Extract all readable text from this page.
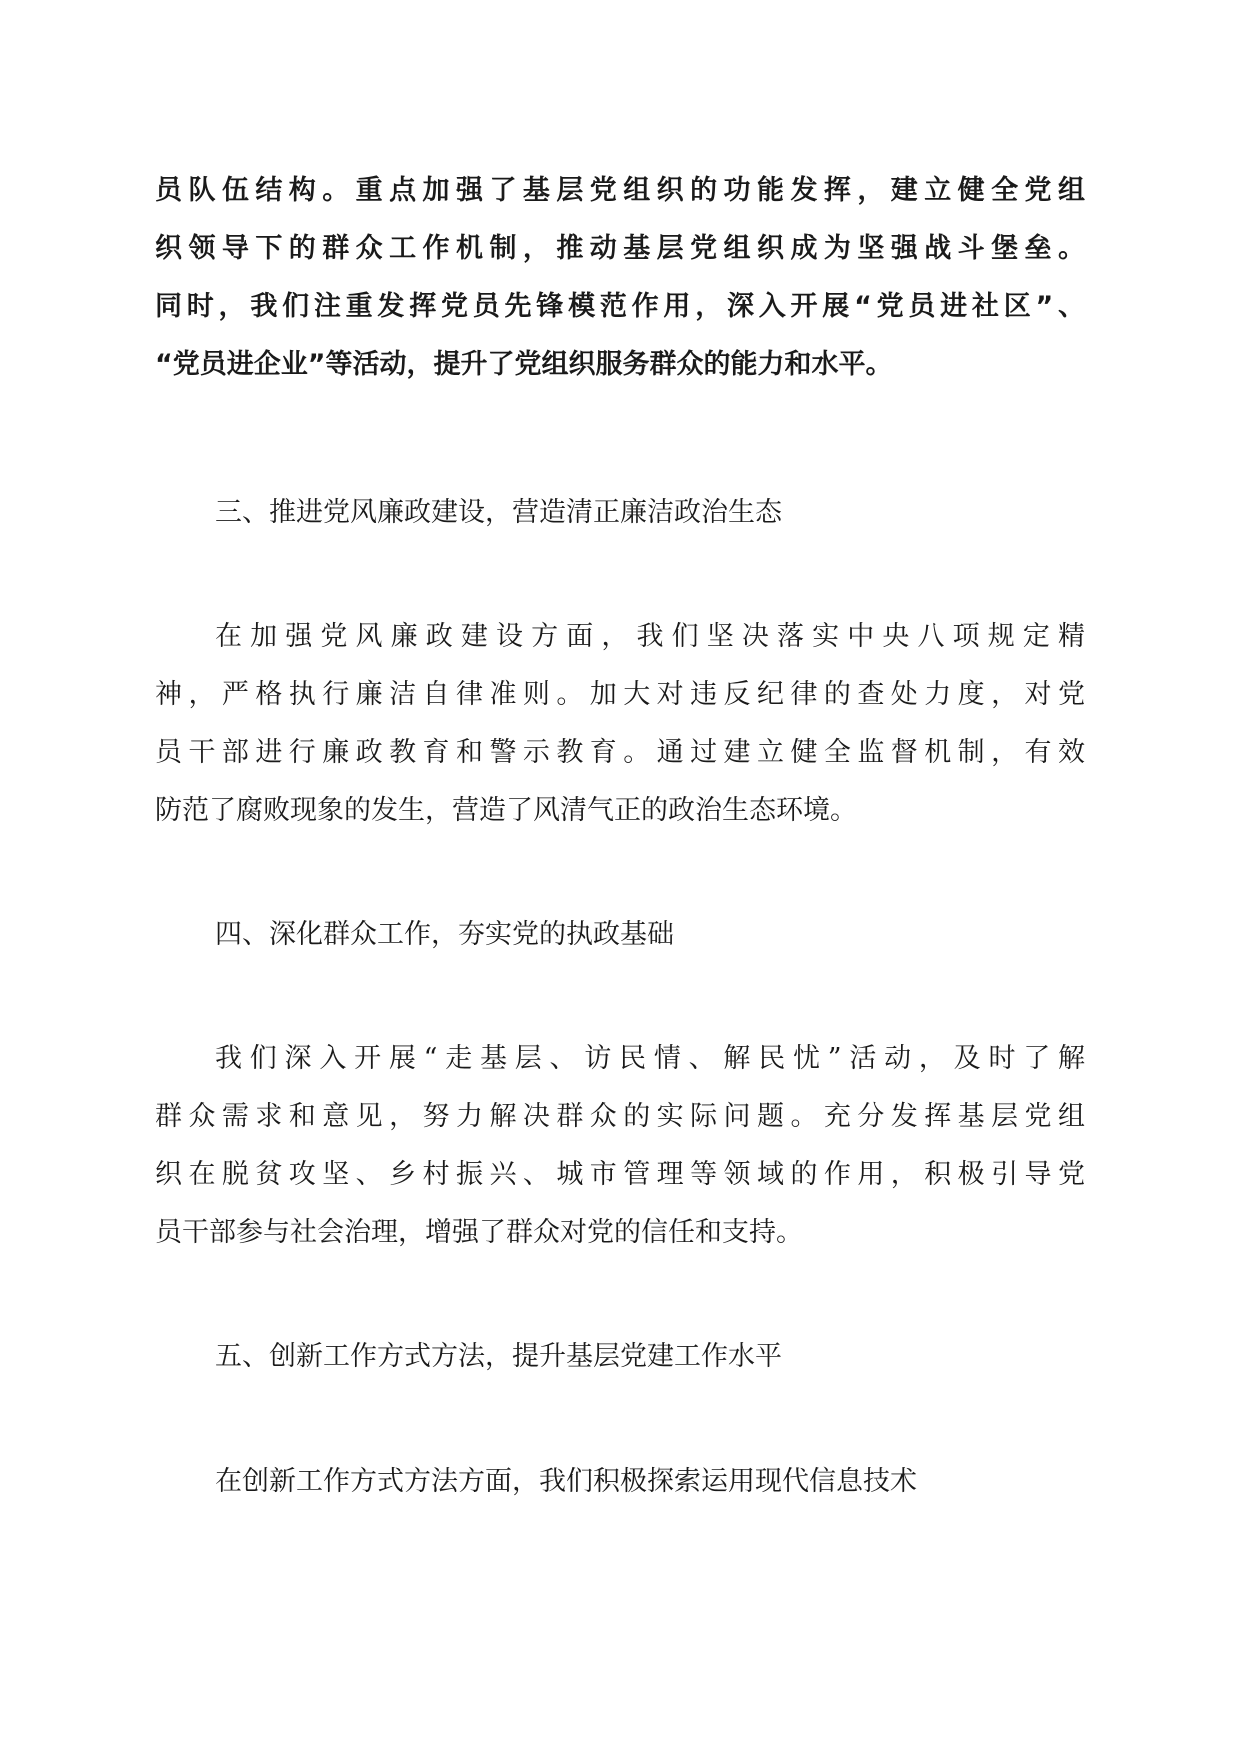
员队伍结构。重点加强了基层党组织的功能发挥，建立健全党组
织领导下的群众工作机制，推动基层党组织成为坚强战斗堡垒。
同时，我们注重发挥党员先锋模范作用，深入开展“党员进社区”、
“党员进企业”等活动，提升了党组织服务群众的能力和水平。
三、推进党风廉政建设，营造清正廉洁政治生态
在加强党风廉政建设方面，我们坚决落实中央八项规定精
神，严格执行廉洁自律准则。加大对违反纪律的查处力度，对党
员干部进行廉政教育和警示教育。通过建立健全监督机制，有效
防范了腐败现象的发生，营造了风清气正的政治生态环境。
四、深化群众工作，夯实党的执政基础
我们深入开展“走基层、访民情、解民忧”活动，及时了解
群众需求和意见，努力解决群众的实际问题。充分发挥基层党组
织在脱贫攻坚、乡村振兴、城市管理等领域的作用，积极引导党
员干部参与社会治理，增强了群众对党的信任和支持。
五、创新工作方式方法，提升基层党建工作水平
在创新工作方式方法方面，我们积极探索运用现代信息技术
